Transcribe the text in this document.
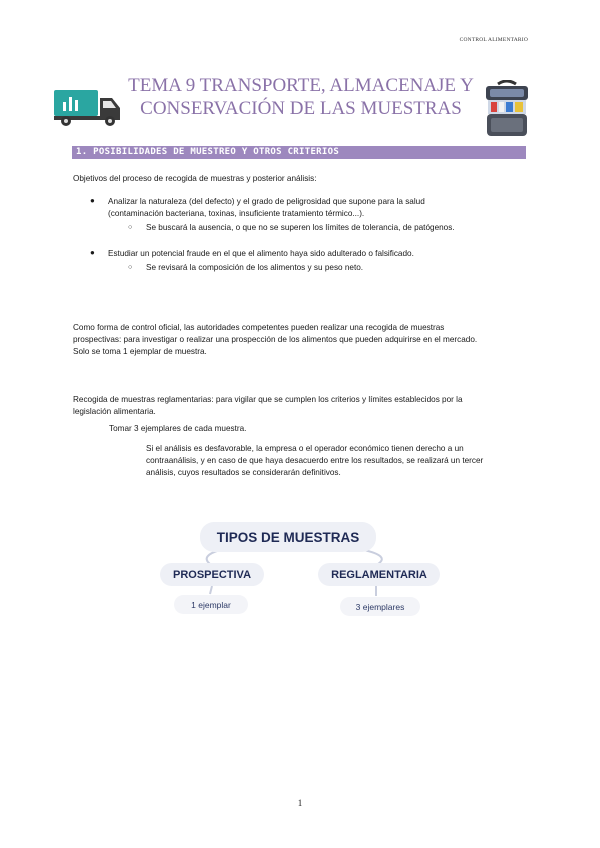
CONTROL ALIMENTARIO
TEMA 9 TRANSPORTE, ALMACENAJE Y
CONSERVACIÓN DE LAS MUESTRAS
1. POSIBILIDADES DE MUESTREO Y OTROS CRITERIOS
Objetivos del proceso de recogida de muestras y posterior análisis:
● Analizar la naturaleza (del defecto) y el grado de peligrosidad que supone para la salud
(contaminación bacteriana, toxinas, insuficiente tratamiento térmico...).
○ Se buscará la ausencia, o que no se superen los límites de tolerancia, de patógenos.
● Estudiar un potencial fraude en el que el alimento haya sido adulterado o falsificado.
○ Se revisará la composición de los alimentos y su peso neto.
Como forma de control oficial, las autoridades competentes pueden realizar una recogida de muestras
prospectivas: para investigar o realizar una prospección de los alimentos que pueden adquirirse en el mercado.
Solo se toma 1 ejemplar de muestra.
Recogida de muestras reglamentarias: para vigilar que se cumplen los criterios y límites establecidos por la
legislación alimentaria.
Tomar 3 ejemplares de cada muestra.
Si el análisis es desfavorable, la empresa o el operador económico tienen derecho a un
contraanálisis, y en caso de que haya desacuerdo entre los resultados, se realizará un tercer
análisis, cuyos resultados se considerarán definitivos.
TIPOS DE MUESTRAS
PROSPECTIVA	REGLAMENTARIA
1 ejemplar	3 ejemplares
1
